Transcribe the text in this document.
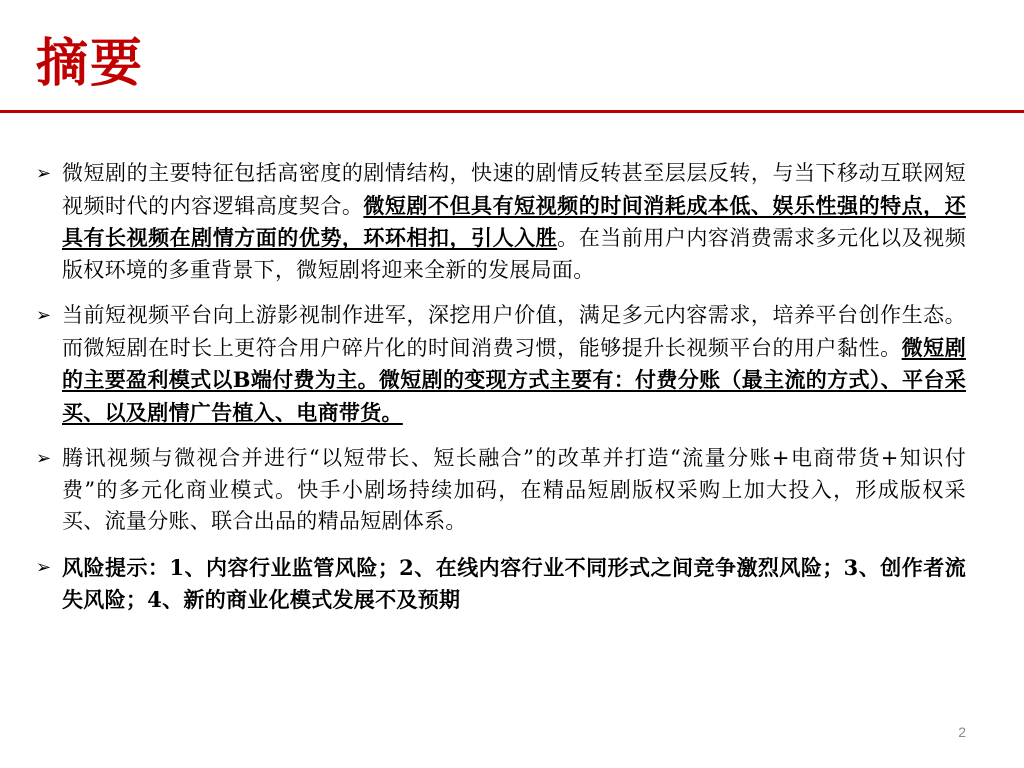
摘要
➢ 微短剧的主要特征包括高密度的剧情结构，快速的剧情反转甚至层层反转，与当下移动互联网短视频时代的内容逻辑高度契合。微短剧不但具有短视频的时间消耗成本低、娱乐性强的特点，还具有长视频在剧情方面的优势，环环相扣，引人入胜。在当前用户内容消费需求多元化以及视频版权环境的多重背景下，微短剧将迎来全新的发展局面。
➢ 当前短视频平台向上游影视制作进军，深挖用户价值，满足多元内容需求，培养平台创作生态。而微短剧在时长上更符合用户碎片化的时间消费习惯，能够提升长视频平台的用户黏性。微短剧的主要盈利模式以B端付费为主。微短剧的变现方式主要有：付费分账（最主流的方式）、平台采买、以及剧情广告植入、电商带货。
➢ 腾讯视频与微视合并进行“以短带长、短长融合”的改革并打造“流量分账+电商带货+知识付费”的多元化商业模式。快手小剧场持续加码，在精品短剧版权采购上加大投入，形成版权采买、流量分账、联合出品的精品短剧体系。
➢ 风险提示：1、内容行业监管风险；2、在线内容行业不同形式之间竞争激烈风险；3、创作者流失风险；4、新的商业化模式发展不及预期
2
